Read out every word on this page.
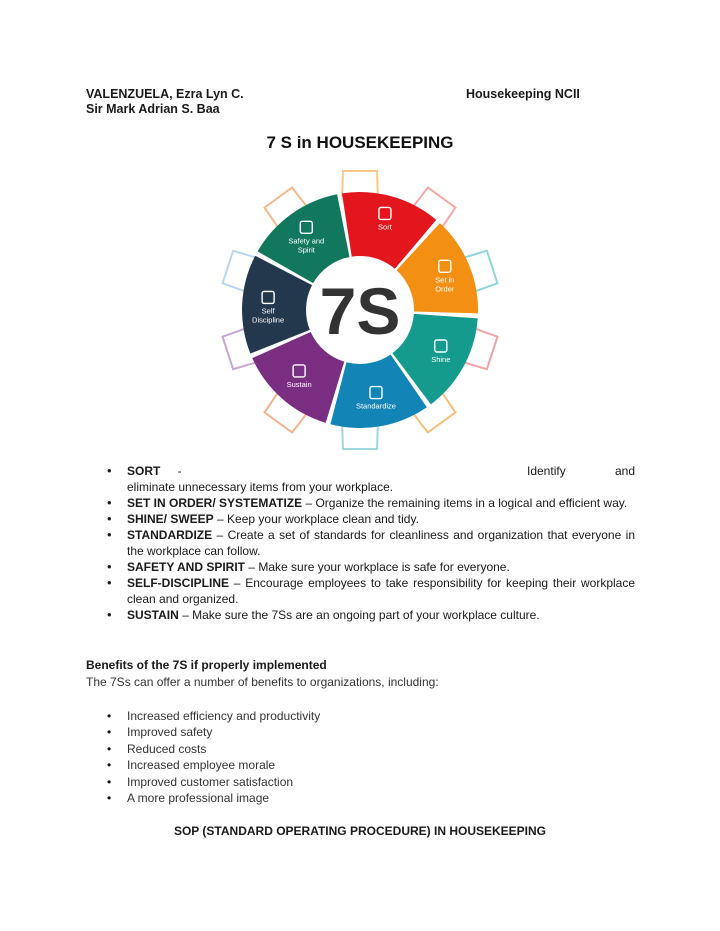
VALENZUELA, Ezra Lyn C.	Housekeeping NCII
Sir Mark Adrian S. Baa
7 S in HOUSEKEEPING
Sort
Set in Order
Shine
Standardize
Sustain
Self Discipline
Safety and Spirit
7S
• SORT -	Identify	and
eliminate unnecessary items from your workplace.
• SET IN ORDER/ SYSTEMATIZE – Organize the remaining items in a logical and efficient way.
• SHINE/ SWEEP – Keep your workplace clean and tidy.
• STANDARDIZE – Create a set of standards for cleanliness and organization that everyone in the workplace can follow.
• SAFETY AND SPIRIT – Make sure your workplace is safe for everyone.
• SELF-DISCIPLINE – Encourage employees to take responsibility for keeping their workplace clean and organized.
• SUSTAIN – Make sure the 7Ss are an ongoing part of your workplace culture.
Benefits of the 7S if properly implemented
The 7Ss can offer a number of benefits to organizations, including:
• Increased efficiency and productivity
• Improved safety
• Reduced costs
• Increased employee morale
• Improved customer satisfaction
• A more professional image
SOP (STANDARD OPERATING PROCEDURE) IN HOUSEKEEPING
